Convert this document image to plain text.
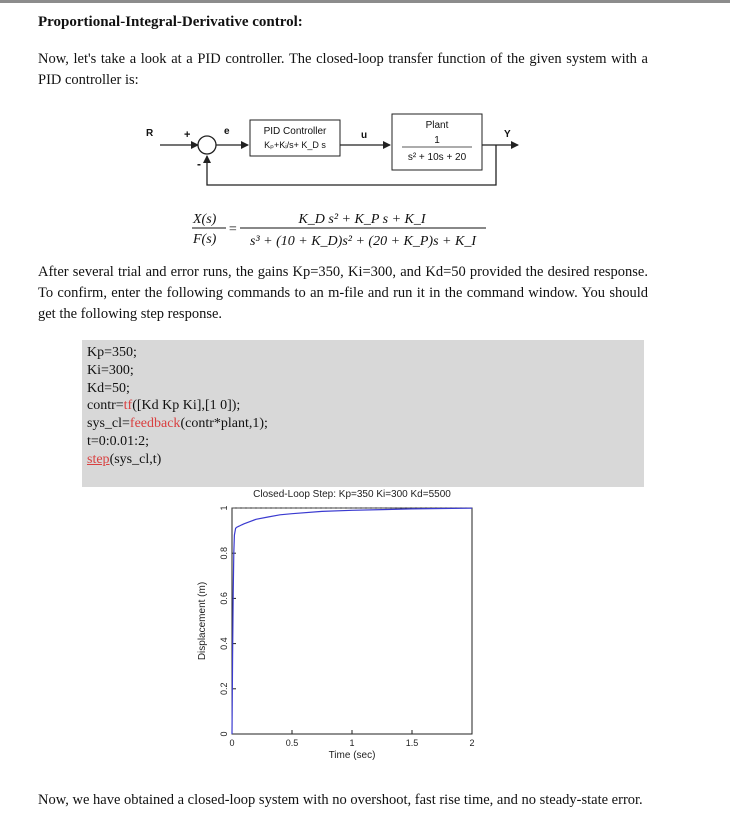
Proportional-Integral-Derivative control:
Now, let's take a look at a PID controller. The closed-loop transfer function of the given system with a PID controller is:
R	+
-
e	PID Controller
Kₚ+Kᵢ/s+ K_D s
u
Plant
1
s² + 10s + 20
Y
X(s)
F(s)
=
K_D s² + K_P s + K_I
s³ + (10 + K_D)s² + (20 + K_P)s + K_I
After several trial and error runs, the gains Kp=350, Ki=300, and Kd=50 provided the desired response. To confirm, enter the following commands to an m-file and run it in the command window. You should get the following step response.
Kp=350;
Ki=300;
Kd=50;
contr=tf([Kd Kp Ki],[1 0]);
sys_cl=feedback(contr*plant,1);
t=0:0.01:2;
step(sys_cl,t)
Closed-Loop Step: Kp=350 Ki=300 Kd=5500
Time (sec)
Displacement (m)
0	0.5	1	1.5	2
0
0.2
0.4
0.6
0.8
1
Now, we have obtained a closed-loop system with no overshoot, fast rise time, and no steady-state error.
